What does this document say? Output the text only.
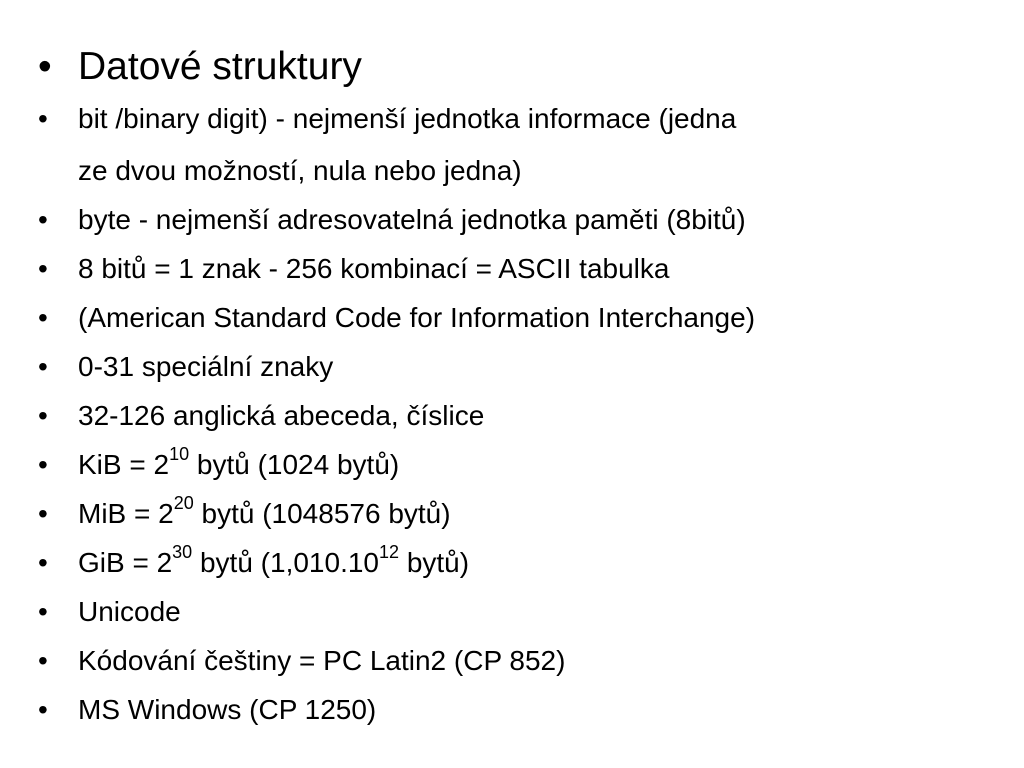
• Datové struktury
• bit /binary digit) - nejmenší jednotka informace (jedna
ze dvou možností, nula nebo jedna)
• byte - nejmenší adresovatelná jednotka paměti (8bitů)
• 8 bitů = 1 znak - 256 kombinací = ASCII tabulka
• (American Standard Code for Information Interchange)
• 0-31 speciální znaky
• 32-126 anglická abeceda, číslice
• KiB = $2^{10}$ bytů (1024 bytů)
• MiB = $2^{20}$ bytů (1048576 bytů)
• GiB = $2^{30}$ bytů (1,010.10$^{12}$ bytů)
• Unicode
• Kódování češtiny = PC Latin2 (CP 852)
• MS Windows (CP 1250)
